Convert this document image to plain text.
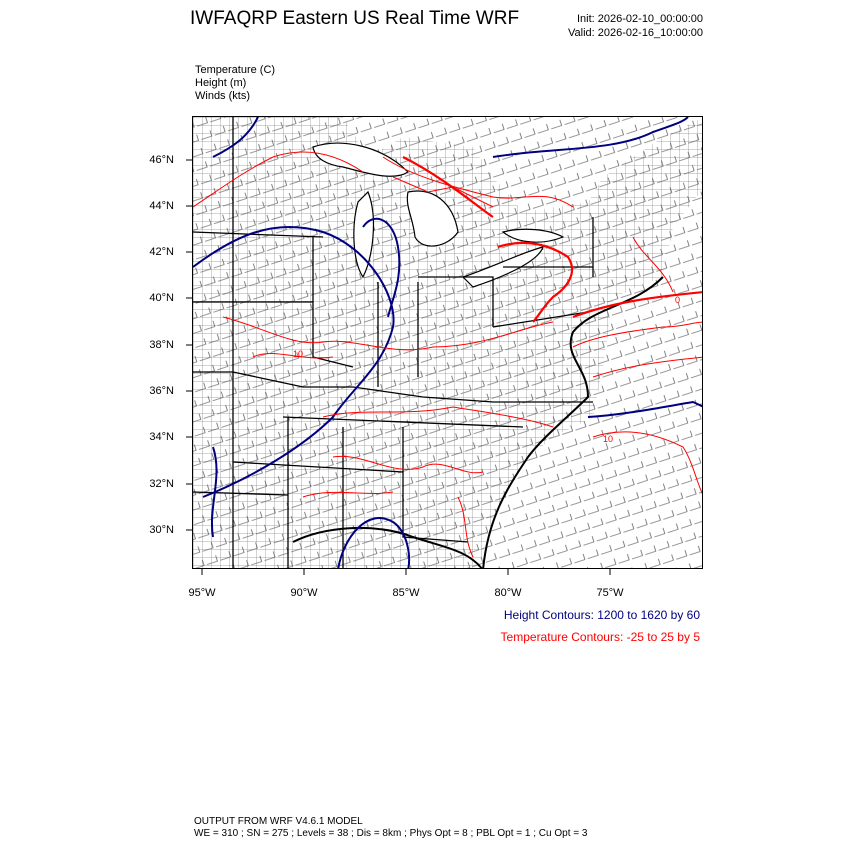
IWFAQRP Eastern US Real Time WRF	Init: 2026-02-10_00:00:00
Valid: 2026-02-16_10:00:00
Temperature (C)
Height (m)
Winds (kts)
46°N
44°N
42°N
40°N
38°N
36°N
34°N
32°N
30°N
95°W	90°W	85°W	80°W	75°W
10
10
0
Height Contours: 1200 to 1620 by 60
Temperature Contours: -25 to 25 by 5
OUTPUT FROM WRF V4.6.1 MODEL
WE = 310 ; SN = 275 ; Levels = 38 ; Dis = 8km ; Phys Opt = 8 ; PBL Opt = 1 ; Cu Opt = 3
